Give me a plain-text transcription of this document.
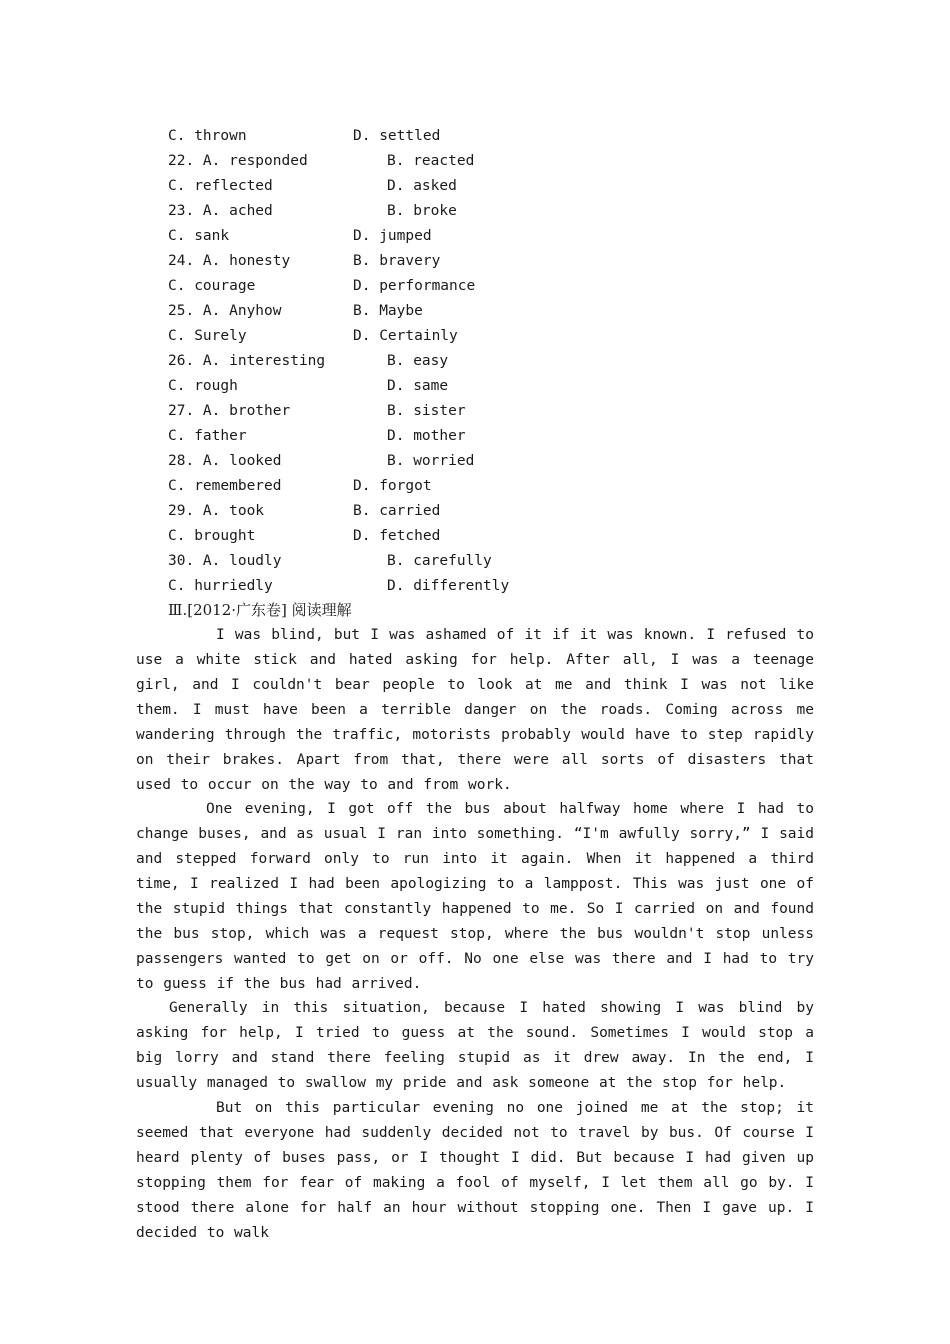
C. thrown	D. settled
22. A. responded	B. reacted
C. reflected	D. asked
23. A. ached	B. broke
C. sank	D. jumped
24. A. honesty	B. bravery
C. courage	D. performance
25. A. Anyhow	B. Maybe
C. Surely	D. Certainly
26. A. interesting	B. easy
C. rough	D. same
27. A. brother	B. sister
C. father	D. mother
28. A. looked	B. worried
C. remembered	D. forgot
29. A. took	B. carried
C. brought	D. fetched
30. A. loudly	B. carefully
C. hurriedly	D. differently
Ⅲ.[2012·广东卷] 阅读理解

I was blind, but I was ashamed of it if it was known. I refused to use a white stick and hated asking for help. After all, I was a teenage girl, and I couldn't bear people to look at me and think I was not like them. I must have been a terrible danger on the roads. Coming across me wandering through the traffic, motorists probably would have to step rapidly on their brakes. Apart from that, there were all sorts of disasters that used to occur on the way to and from work.

One evening, I got off the bus about halfway home where I had to change buses, and as usual I ran into something. “I'm awfully sorry,” I said and stepped forward only to run into it again. When it happened a third time, I realized I had been apologizing to a lamppost. This was just one of the stupid things that constantly happened to me. So I carried on and found the bus stop, which was a request stop, where the bus wouldn't stop unless passengers wanted to get on or off. No one else was there and I had to try to guess if the bus had arrived.

Generally in this situation, because I hated showing I was blind by asking for help, I tried to guess at the sound. Sometimes I would stop a big lorry and stand there feeling stupid as it drew away. In the end, I usually managed to swallow my pride and ask someone at the stop for help.

But on this particular evening no one joined me at the stop; it seemed that everyone had suddenly decided not to travel by bus. Of course I heard plenty of buses pass, or I thought I did. But because I had given up stopping them for fear of making a fool of myself, I let them all go by. I stood there alone for half an hour without stopping one. Then I gave up. I decided to walk
